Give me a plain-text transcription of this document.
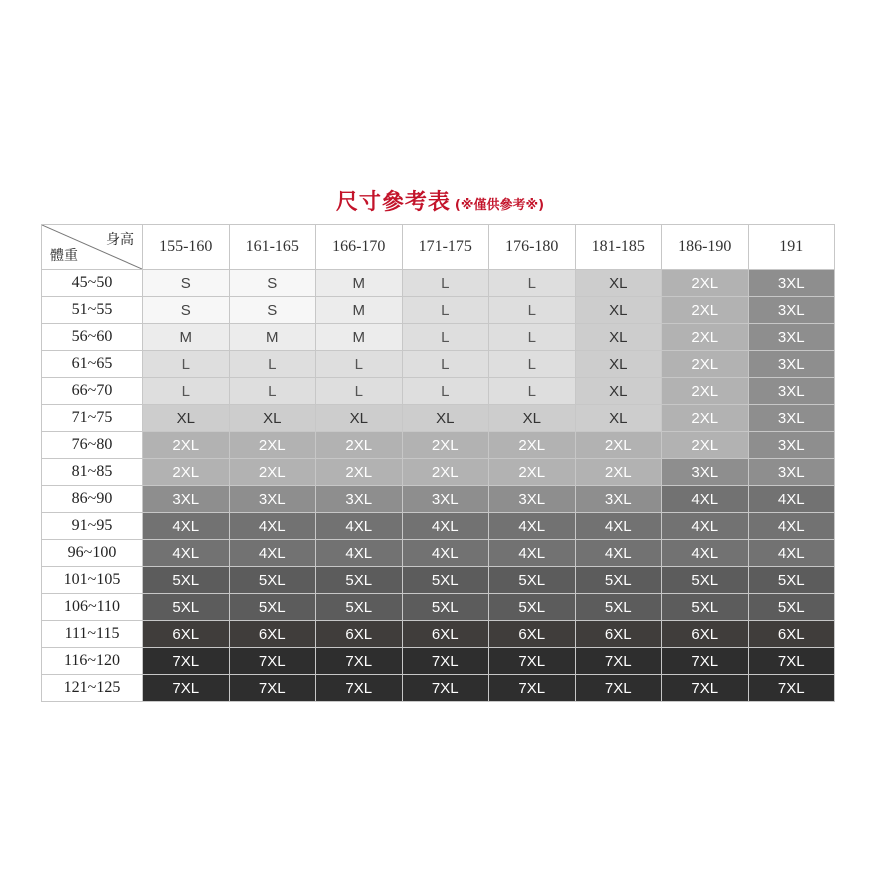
尺寸參考表 (※僅供參考※)
身高
體重	155-160	161-165	166-170	171-175	176-180	181-185	186-190	191
45~50	S	S	M	L	L	XL	2XL	3XL
51~55	S	S	M	L	L	XL	2XL	3XL
56~60	M	M	M	L	L	XL	2XL	3XL
61~65	L	L	L	L	L	XL	2XL	3XL
66~70	L	L	L	L	L	XL	2XL	3XL
71~75	XL	XL	XL	XL	XL	XL	2XL	3XL
76~80	2XL	2XL	2XL	2XL	2XL	2XL	2XL	3XL
81~85	2XL	2XL	2XL	2XL	2XL	2XL	3XL	3XL
86~90	3XL	3XL	3XL	3XL	3XL	3XL	4XL	4XL
91~95	4XL	4XL	4XL	4XL	4XL	4XL	4XL	4XL
96~100	4XL	4XL	4XL	4XL	4XL	4XL	4XL	4XL
101~105	5XL	5XL	5XL	5XL	5XL	5XL	5XL	5XL
106~110	5XL	5XL	5XL	5XL	5XL	5XL	5XL	5XL
111~115	6XL	6XL	6XL	6XL	6XL	6XL	6XL	6XL
116~120	7XL	7XL	7XL	7XL	7XL	7XL	7XL	7XL
121~125	7XL	7XL	7XL	7XL	7XL	7XL	7XL	7XL
